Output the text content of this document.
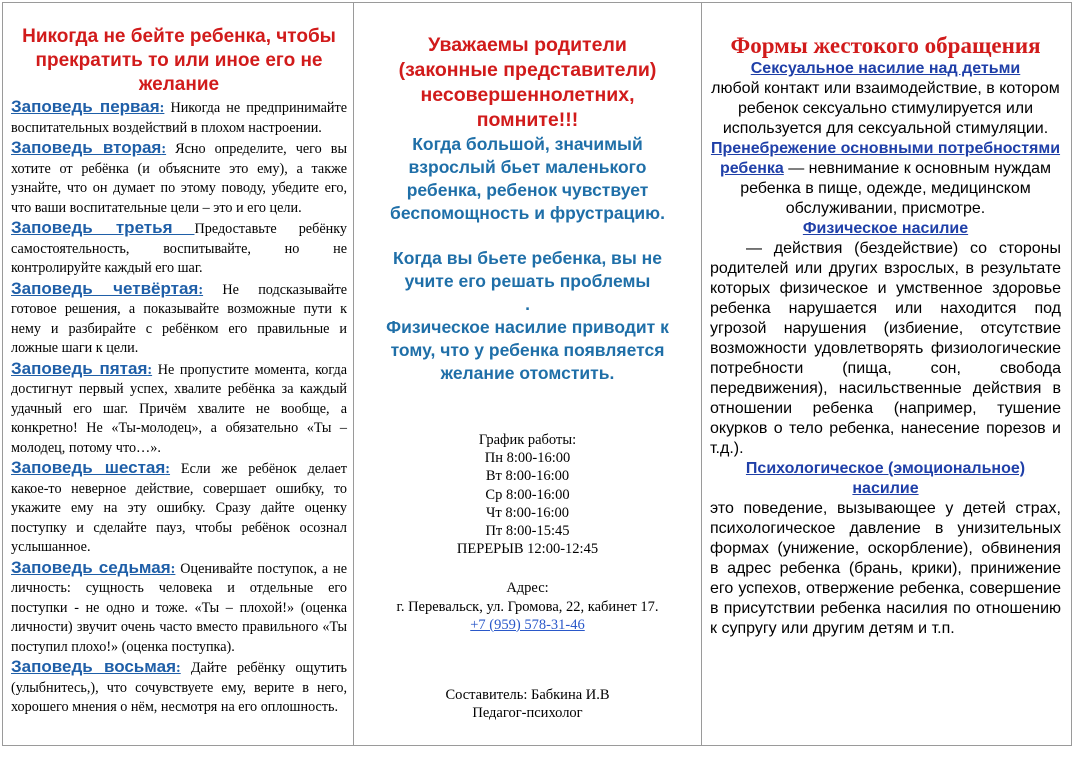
Никогда не бейте ребенка, чтобы прекратить то или иное его не желание

Заповедь первая: Никогда не предпринимайте воспитательных воздействий в плохом настроении.

Заповедь вторая: Ясно определите, чего вы хотите от ребёнка (и объясните это ему), а также узнайте, что он думает по этому поводу, убедите его, что ваши воспитательные цели – это и его цели.

Заповедь третья Предоставьте ребёнку самостоятельность, воспитывайте, но не контролируйте каждый его шаг.

Заповедь четвёртая: Не подсказывайте готовое решения, а показывайте возможные пути к нему и разбирайте с ребёнком его правильные и ложные шаги к цели.

Заповедь пятая: Не пропустите момента, когда достигнут первый успех, хвалите ребёнка за каждый удачный его шаг. Причём хвалите не вообще, а конкретно! Не «Ты-молодец», а обязательно «Ты – молодец, потому что…».

Заповедь шестая: Если же ребёнок делает какое-то неверное действие, совершает ошибку, то укажите ему на эту ошибку. Сразу дайте оценку поступку и сделайте пауз, чтобы ребёнок осознал услышанное.

Заповедь седьмая: Оценивайте поступок, а не личность: сущность человека и отдельные его поступки - не одно и тоже. «Ты – плохой!» (оценка личности) звучит очень часто вместо правильного «Ты поступил плохо!» (оценка поступка).

Заповедь восьмая: Дайте ребёнку ощутить (улыбнитесь,), что сочувствуете ему, верите в него, хорошего мнения о нём, несмотря на его оплошность.

Уважаемы родители

(законные представители)

несовершеннолетних,

помните!!!

Когда большой, значимый

взрослый бьет маленького

ребенка, ребенок чувствует

беспомощность и фрустрацию.

Когда вы бьете ребенка, вы не

учите его решать проблемы

.

Физическое насилие приводит к

тому, что у ребенка появляется

желание отомстить.

График работы:
Пн 8:00-16:00
Вт 8:00-16:00
Ср 8:00-16:00
Чт 8:00-16:00
Пт 8:00-15:45
ПЕРЕРЫВ 12:00-12:45
Адрес:
г. Перевальск, ул. Громова, 22, кабинет 17.
+7 (959) 578-31-46
Составитель: Бабкина И.В
Педагог-психолог

Формы жестокого обращения

Сексуальное насилие над детьми

любой контакт или взаимодействие, в котором ребенок сексуально стимулируется или используется для сексуальной стимуляции.

Пренебрежение основными потребностями ребенка — невнимание к основным нуждам ребенка в пище, одежде, медицинском обслуживании, присмотре.

Физическое насилие

— действия (бездействие) со стороны родителей или других взрослых, в результате которых физическое и умственное здоровье ребенка нарушается или находится под угрозой нарушения (избиение, отсутствие возможности удовлетворять физиологические потребности (пища, сон, свобода передвижения), насильственные действия в отношении ребенка (например, тушение окурков о тело ребенка, нанесение порезов и т.д.).

Психологическое (эмоциональное) насилие

это поведение, вызывающее у детей страх, психологическое давление в унизительных формах (унижение, оскорбление), обвинения в адрес ребенка (брань, крики), принижение его успехов, отвержение ребенка, совершение в присутствии ребенка насилия по отношению к супругу или другим детям и т.п.
